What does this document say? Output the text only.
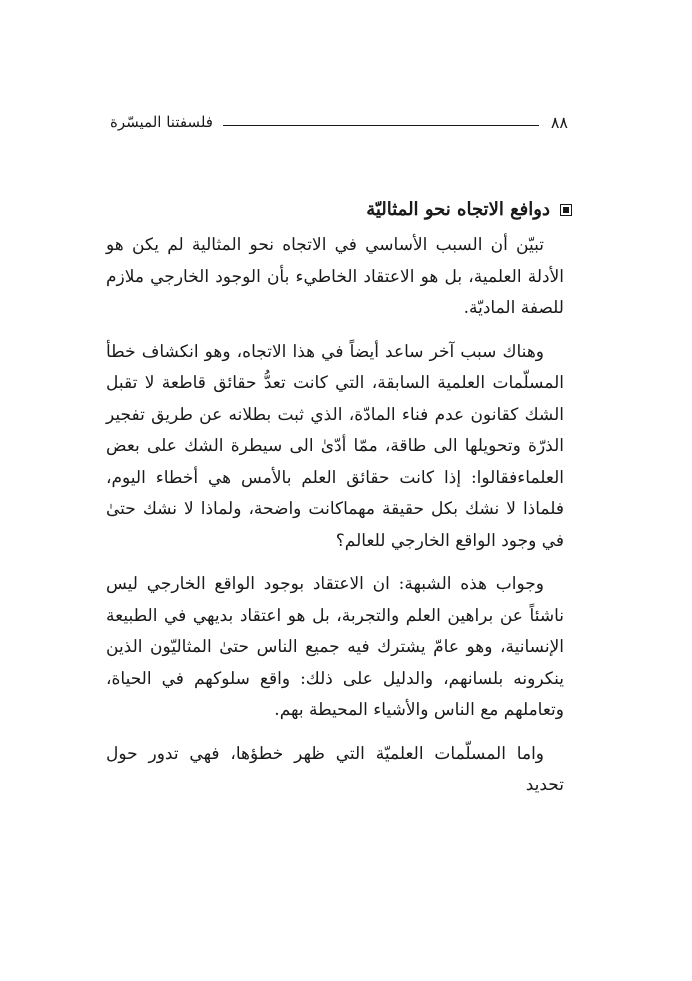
٨٨
فلسفتنا الميسّرة
دوافع الاتجاه نحو المثاليّة

تبيّن أن السبب الأساسي في الاتجاه نحو المثالية لم يكن هو الأدلة العلمية، بل هو الاعتقاد الخاطيء بأن الوجود الخارجي ملازم للصفة الماديّة.

وهناك سبب آخر ساعد أيضاً في هذا الاتجاه، وهو انكشاف خطأ المسلّمات العلمية السابقة، التي كانت تعدُّ حقائق قاطعة لا تقبل الشك كقانون عدم فناء المادّة، الذي ثبت بطلانه عن طريق تفجير الذرّة وتحويلها الى طاقة، ممّا أدّىٰ الى سيطرة الشك على بعض العلماءفقالوا: إذا كانت حقائق العلم بالأمس هي أخطاء اليوم، فلماذا لا نشك بكل حقيقة مهماكانت واضحة، ولماذا لا نشك حتىٰ في وجود الواقع الخارجي للعالم؟

وجواب هذه الشبهة: ان الاعتقاد بوجود الواقع الخارجي ليس ناشئاً عن براهين العلم والتجربة، بل هو اعتقاد بديهي في الطبيعة الإنسانية، وهو عامّ يشترك فيه جميع الناس حتىٰ المثاليّون الذين ينكرونه بلسانهم، والدليل على ذلك: واقع سلوكهم في الحياة، وتعاملهم مع الناس والأشياء المحيطة بهم.

واما المسلّمات العلميّة التي ظهر خطؤها، فهي تدور حول تحديد
